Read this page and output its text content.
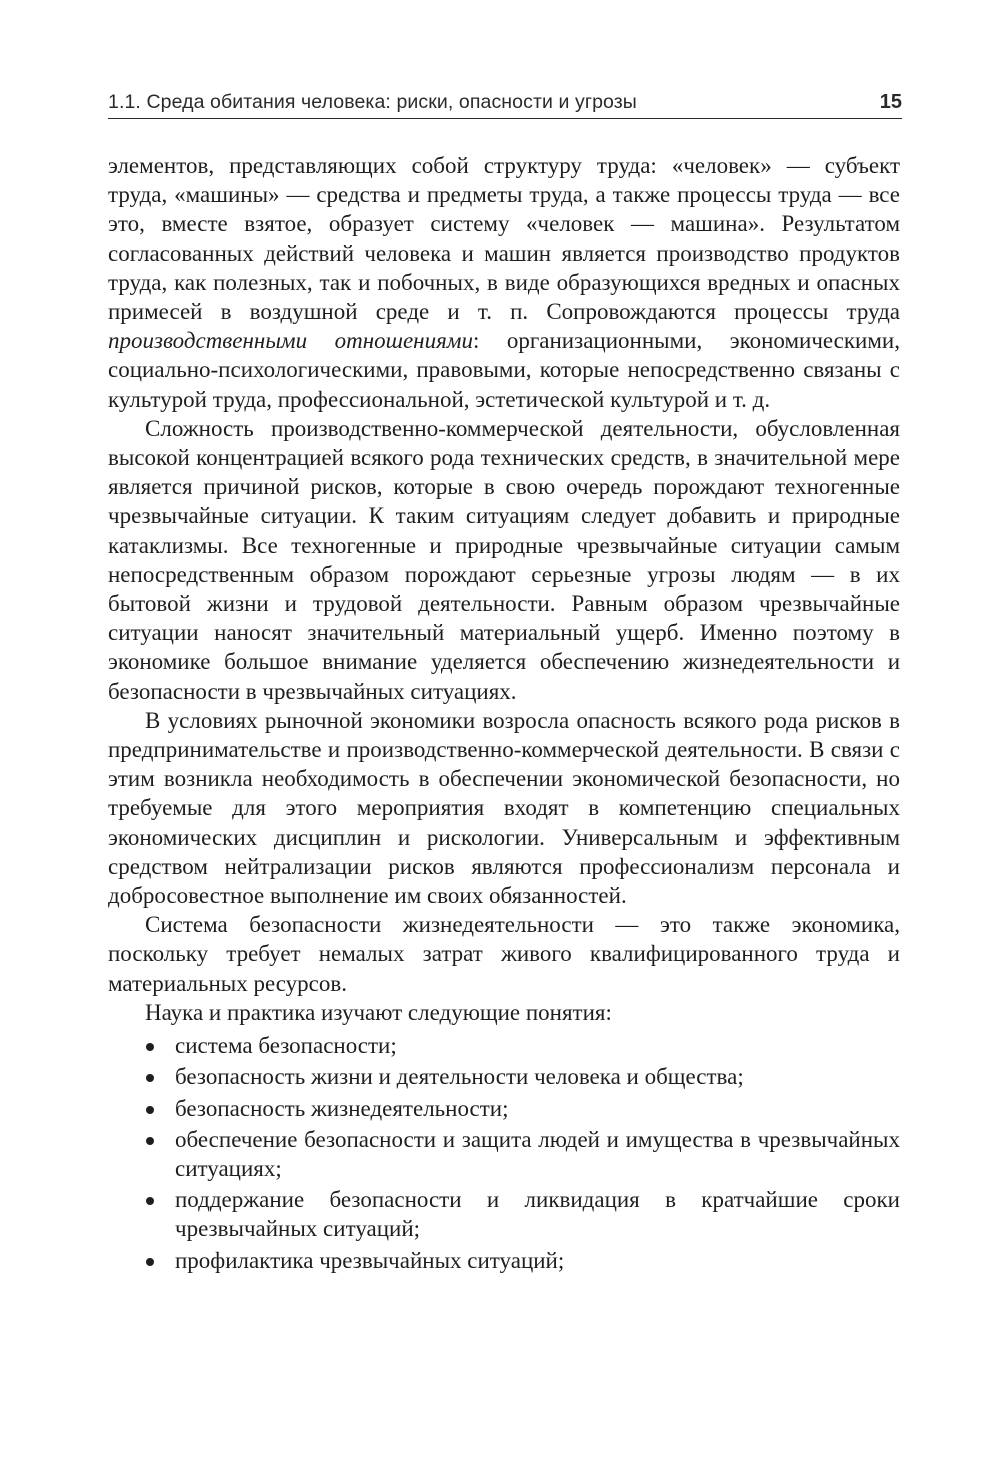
1.1. Среда обитания человека: риски, опасности и угрозы	15

элементов, представляющих собой структуру труда: «человек» — субъект труда, «машины» — средства и предметы труда, а также процессы труда — все это, вместе взятое, образует систему «человек — машина». Результатом согласованных действий человека и машин является производство продуктов труда, как полезных, так и побочных, в виде образующихся вредных и опасных примесей в воздушной среде и т. п. Сопровождаются процессы труда производственными отношениями: организационными, экономическими, социально-психологическими, правовыми, которые непосредственно связаны с культурой труда, профессиональной, эстетической культурой и т. д.

Сложность производственно-коммерческой деятельности, обусловленная высокой концентрацией всякого рода технических средств, в значительной мере является причиной рисков, которые в свою очередь порождают техногенные чрезвычайные ситуации. К таким ситуациям следует добавить и природные катаклизмы. Все техногенные и природные чрезвычайные ситуации самым непосредственным образом порождают серьезные угрозы людям — в их бытовой жизни и трудовой деятельности. Равным образом чрезвычайные ситуации наносят значительный материальный ущерб. Именно поэтому в экономике большое внимание уделяется обеспечению жизнедеятельности и безопасности в чрезвычайных ситуациях.

В условиях рыночной экономики возросла опасность всякого рода рисков в предпринимательстве и производственно-коммерческой деятельности. В связи с этим возникла необходимость в обеспечении экономической безопасности, но требуемые для этого мероприятия входят в компетенцию специальных экономических дисциплин и рискологии. Универсальным и эффективным средством нейтрализации рисков являются профессионализм персонала и добросовестное выполнение им своих обязанностей.

Система безопасности жизнедеятельности — это также экономика, поскольку требует немалых затрат живого квалифицированного труда и материальных ресурсов.

Наука и практика изучают следующие понятия:

система безопасности;
безопасность жизни и деятельности человека и общества;
безопасность жизнедеятельности;
обеспечение безопасности и защита людей и имущества в чрезвычайных ситуациях;
поддержание безопасности и ликвидация в кратчайшие сроки чрезвычайных ситуаций;
профилактика чрезвычайных ситуаций;
